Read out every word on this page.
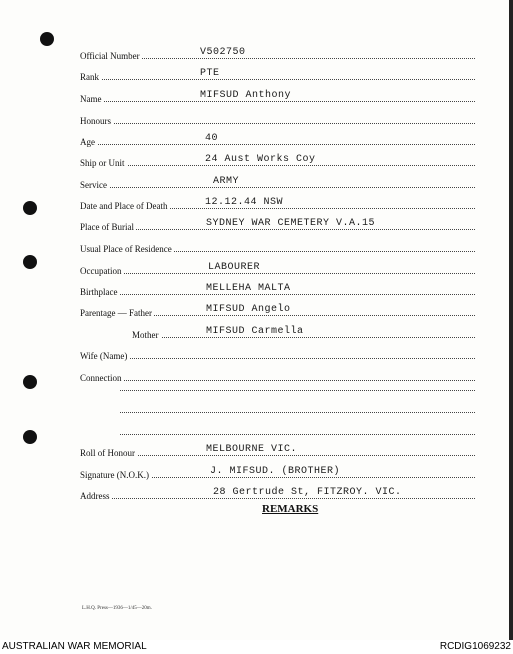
Official Number	V502750
Rank	PTE
Name	MIFSUD Anthony
Honours
Age	40
Ship or Unit	24 Aust Works Coy
Service	ARMY
Date and Place of Death	12.12.44 NSW
Place of Burial	SYDNEY WAR CEMETERY V.A.15
Usual Place of Residence
Occupation	LABOURER
Birthplace	MELLEHA MALTA
Parentage — Father	MIFSUD Angelo
Mother	MIFSUD Carmella
Wife (Name)
Connection
Roll of Honour	MELBOURNE VIC.
Signature (N.O.K.)	J. MIFSUD. (BROTHER)
Address	28 Gertrude St, FITZROY. VIC.
REMARKS
L.H.Q. Press—1936—1/45—20m.
AUSTRALIAN WAR MEMORIAL	RCDIG1069232
